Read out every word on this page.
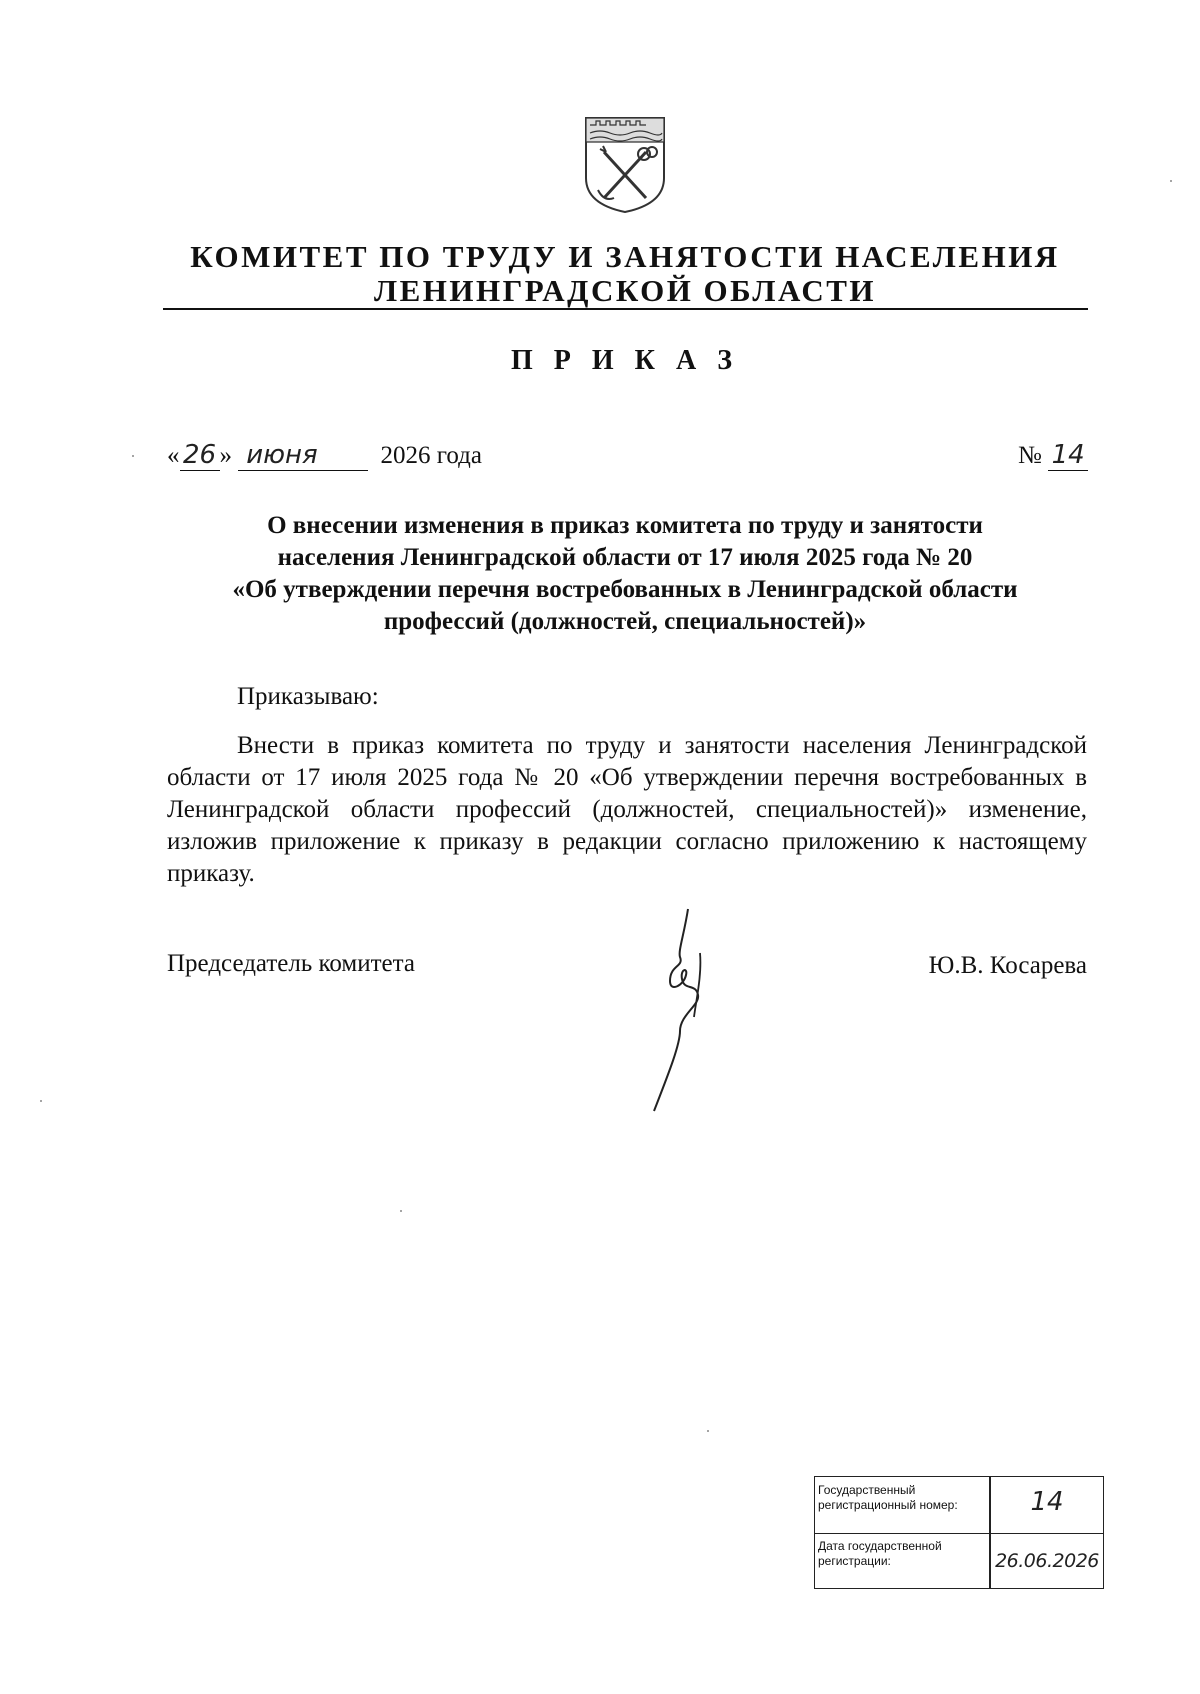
КОМИТЕТ ПО ТРУДУ И ЗАНЯТОСТИ НАСЕЛЕНИЯ
ЛЕНИНГРАДСКОЙ ОБЛАСТИ
П Р И К А З
« 26 » июня	2026 года	№ 14
О внесении изменения в приказ комитета по труду и занятости
населения Ленинградской области от 17 июля 2025 года № 20
«Об утверждении перечня востребованных в Ленинградской области
профессий (должностей, специальностей)»
Приказываю:
Внести в приказ комитета по труду и занятости населения Ленинградской области от 17 июля 2025 года № 20 «Об утверждении перечня востребованных в Ленинградской области профессий (должностей, специальностей)» изменение, изложив приложение к приказу в редакции согласно приложению к настоящему приказу.
Председатель комитета	Ю.В. Косарева
Государственный регистрационный номер:	14
Дата государственной регистрации:	26.06.2026
